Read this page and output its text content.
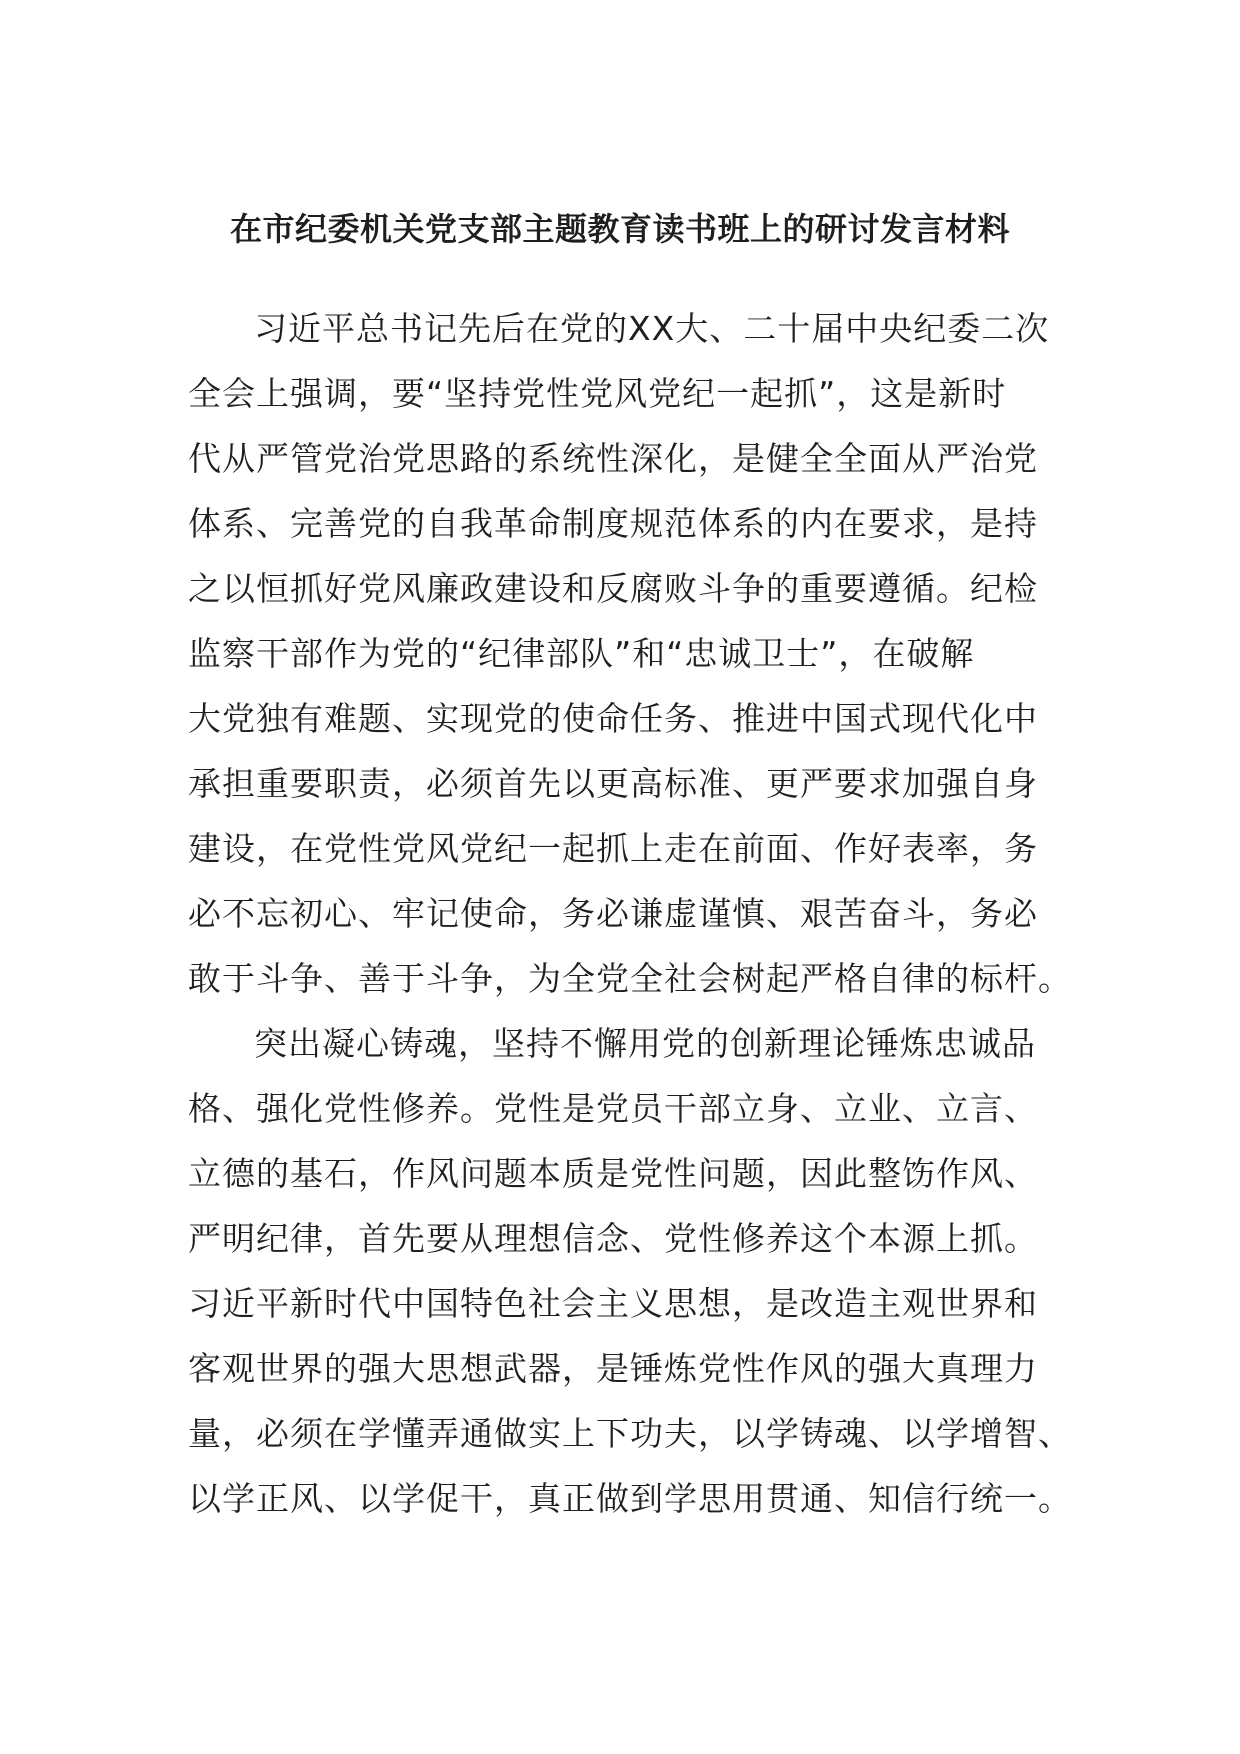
在市纪委机关党支部主题教育读书班上的研讨发言材料
习近平总书记先后在党的XX大、二十届中央纪委二次
全会上强调，要“坚持党性党风党纪一起抓”，这是新时
代从严管党治党思路的系统性深化，是健全全面从严治党
体系、完善党的自我革命制度规范体系的内在要求，是持
之以恒抓好党风廉政建设和反腐败斗争的重要遵循。纪检
监察干部作为党的“纪律部队”和“忠诚卫士”，在破解
大党独有难题、实现党的使命任务、推进中国式现代化中
承担重要职责，必须首先以更高标准、更严要求加强自身
建设，在党性党风党纪一起抓上走在前面、作好表率，务
必不忘初心、牢记使命，务必谦虚谨慎、艰苦奋斗，务必
敢于斗争、善于斗争，为全党全社会树起严格自律的标杆。
突出凝心铸魂，坚持不懈用党的创新理论锤炼忠诚品
格、强化党性修养。党性是党员干部立身、立业、立言、
立德的基石，作风问题本质是党性问题，因此整饬作风、
严明纪律，首先要从理想信念、党性修养这个本源上抓。
习近平新时代中国特色社会主义思想，是改造主观世界和
客观世界的强大思想武器，是锤炼党性作风的强大真理力
量，必须在学懂弄通做实上下功夫，以学铸魂、以学增智、
以学正风、以学促干，真正做到学思用贯通、知信行统一。
